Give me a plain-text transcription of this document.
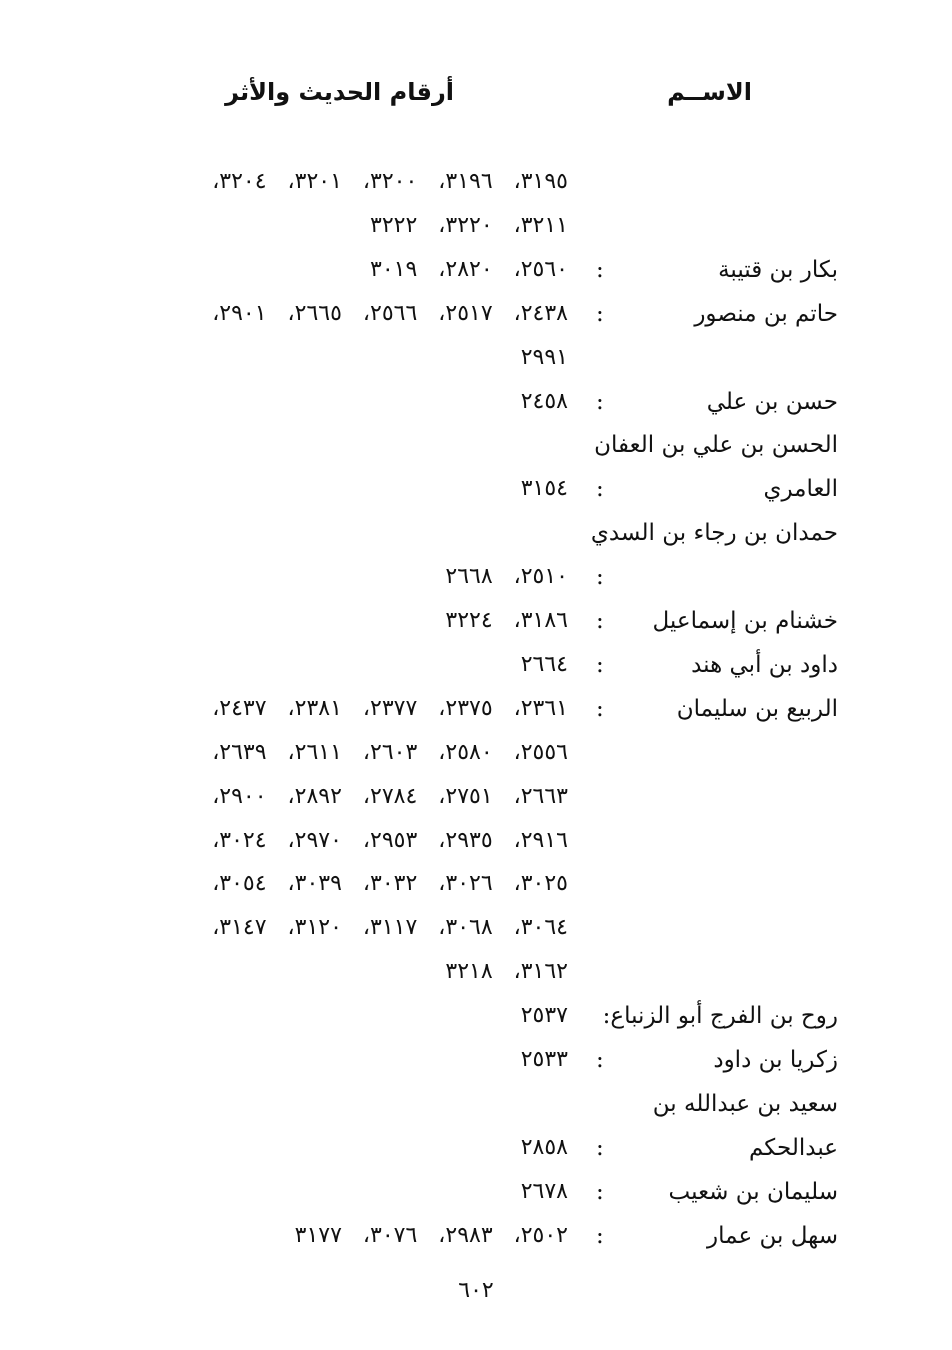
الاســم
أرقام الحديث والأثر
٣١٩٥، ٣١٩٦، ٣٢٠٠، ٣٢٠١، ٣٢٠٤،
٣٢١١، ٣٢٢٠، ٣٢٢٢
بكار بن قتيبة
:
٢٥٦٠، ٢٨٢٠، ٣٠١٩
حاتم بن منصور
:
٢٤٣٨، ٢٥١٧، ٢٥٦٦، ٢٦٦٥، ٢٩٠١،
٢٩٩١
حسن بن علي
:
٢٤٥٨
الحسن بن علي بن العفان
العامري
:
٣١٥٤
حمدان بن رجاء بن السدي
:
٢٥١٠، ٢٦٦٨
خشنام بن إسماعيل
:
٣١٨٦، ٣٢٢٤
داود بن أبي هند
:
٢٦٦٤
الربيع بن سليمان
:
٢٣٦١، ٢٣٧٥، ٢٣٧٧، ٢٣٨١، ٢٤٣٧،
٢٥٥٦، ٢٥٨٠، ٢٦٠٣، ٢٦١١، ٢٦٣٩،
٢٦٦٣، ٢٧٥١، ٢٧٨٤، ٢٨٩٢، ٢٩٠٠،
٢٩١٦، ٢٩٣٥، ٢٩٥٣، ٢٩٧٠، ٣٠٢٤،
٣٠٢٥، ٣٠٢٦، ٣٠٣٢، ٣٠٣٩، ٣٠٥٤،
٣٠٦٤، ٣٠٦٨، ٣١١٧، ٣١٢٠، ٣١٤٧،
٣١٦٢، ٣٢١٨
روح بن الفرج أبو الزنباع:
٢٥٣٧
زكريا بن داود
:
٢٥٣٣
سعيد بن عبدالله بن
عبدالحكم
:
٢٨٥٨
سليمان بن شعيب
:
٢٦٧٨
سهل بن عمار
:
٢٥٠٢، ٢٩٨٣، ٣٠٧٦، ٣١٧٧
٦٠٢
